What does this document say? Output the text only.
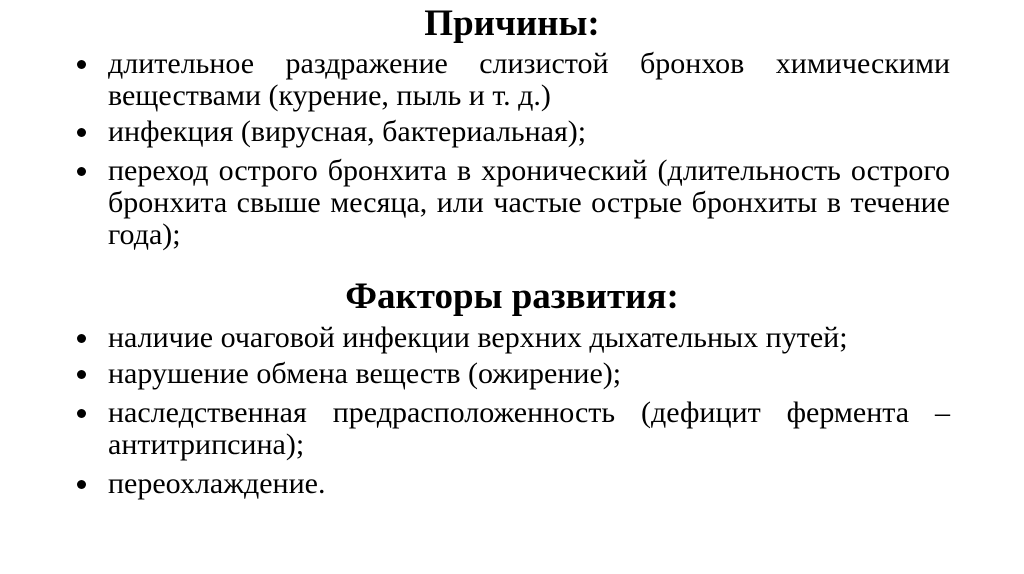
Причины:
длительное раздражение слизистой бронхов химическими веществами (курение, пыль и т. д.)
инфекция (вирусная, бактериальная);
переход острого бронхита в хронический (длительность острого бронхита свыше месяца, или частые острые бронхиты в течение года);
Факторы развития:
наличие очаговой инфекции верхних дыхательных путей;
нарушение обмена веществ (ожирение);
наследственная предрасположенность (дефицит фермента – антитрипсина);
переохлаждение.
